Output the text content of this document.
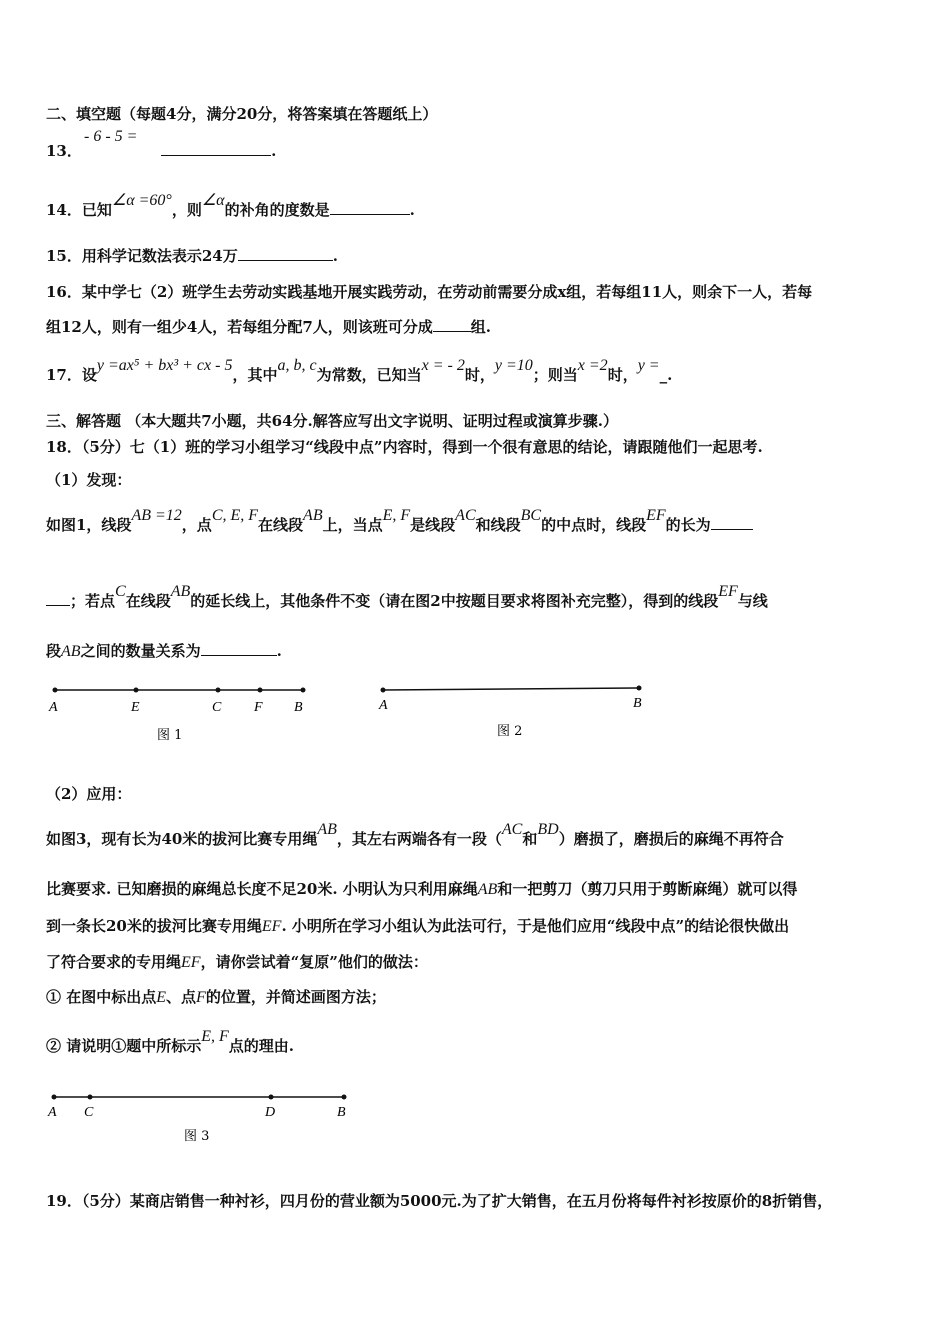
二、填空题（每题4分，满分20分，将答案填在答题纸上）
13．
- 6 - 5 =
.
14．已知∠α =60°，则∠α的补角的度数是	.
15．用科学记数法表示24万	.
16．某中学七（2）班学生去劳动实践基地开展实践劳动，在劳动前需要分成x组，若每组11人，则余下一人，若每
组12人，则有一组少4人，若每组分配7人，则该班可分成	组.
17．设y =ax⁵ + bx³ + cx - 5，其中a, b, c为常数，已知当x = - 2时，y =10；则当x =2时，y =_.
三、解答题 （本大题共7小题，共64分.解答应写出文字说明、证明过程或演算步骤.）
18．（5分）七（1）班的学习小组学习“线段中点”内容时，得到一个很有意思的结论，请跟随他们一起思考.
（1）发现：
如图1，线段AB =12，点C, E, F在线段AB上，当点E, F是线段AC和线段BC的中点时，线段EF的长为
；若点C在线段AB的延长线上，其他条件不变（请在图2中按题目要求将图补充完整），得到的线段EF与线
段AB之间的数量关系为	.
A	E	C F B
图 1
A	B
图 2
（2）应用：
如图3，现有长为40米的拔河比赛专用绳AB，其左右两端各有一段（AC和BD）磨损了，磨损后的麻绳不再符合
比赛要求. 已知磨损的麻绳总长度不足20米. 小明认为只利用麻绳AB和一把剪刀（剪刀只用于剪断麻绳）就可以得
到一条长20米的拔河比赛专用绳EF. 小明所在学习小组认为此法可行，于是他们应用“线段中点”的结论很快做出
了符合要求的专用绳EF，请你尝试着“复原”他们的做法：
① 在图中标出点E、点F的位置，并简述画图方法；
② 请说明①题中所标示E, F点的理由.
A C	D	B
图 3
19．（5分）某商店销售一种衬衫，四月份的营业额为5000元.为了扩大销售，在五月份将每件衬衫按原价的8折销售，
